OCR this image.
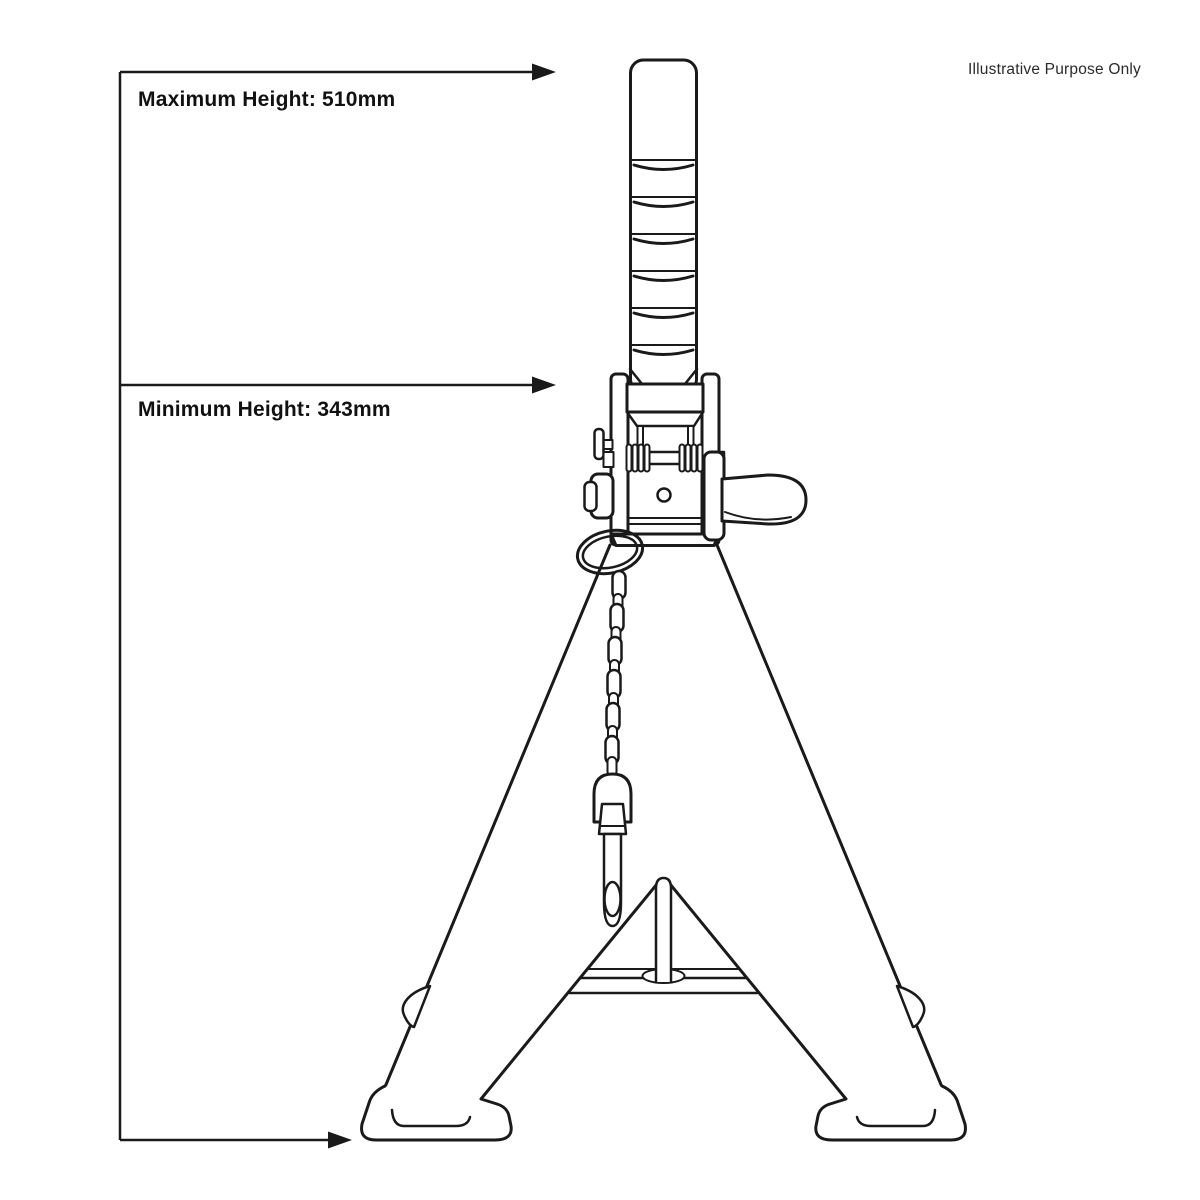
Maximum Height: 510mm
Minimum Height: 343mm
Illustrative Purpose Only
